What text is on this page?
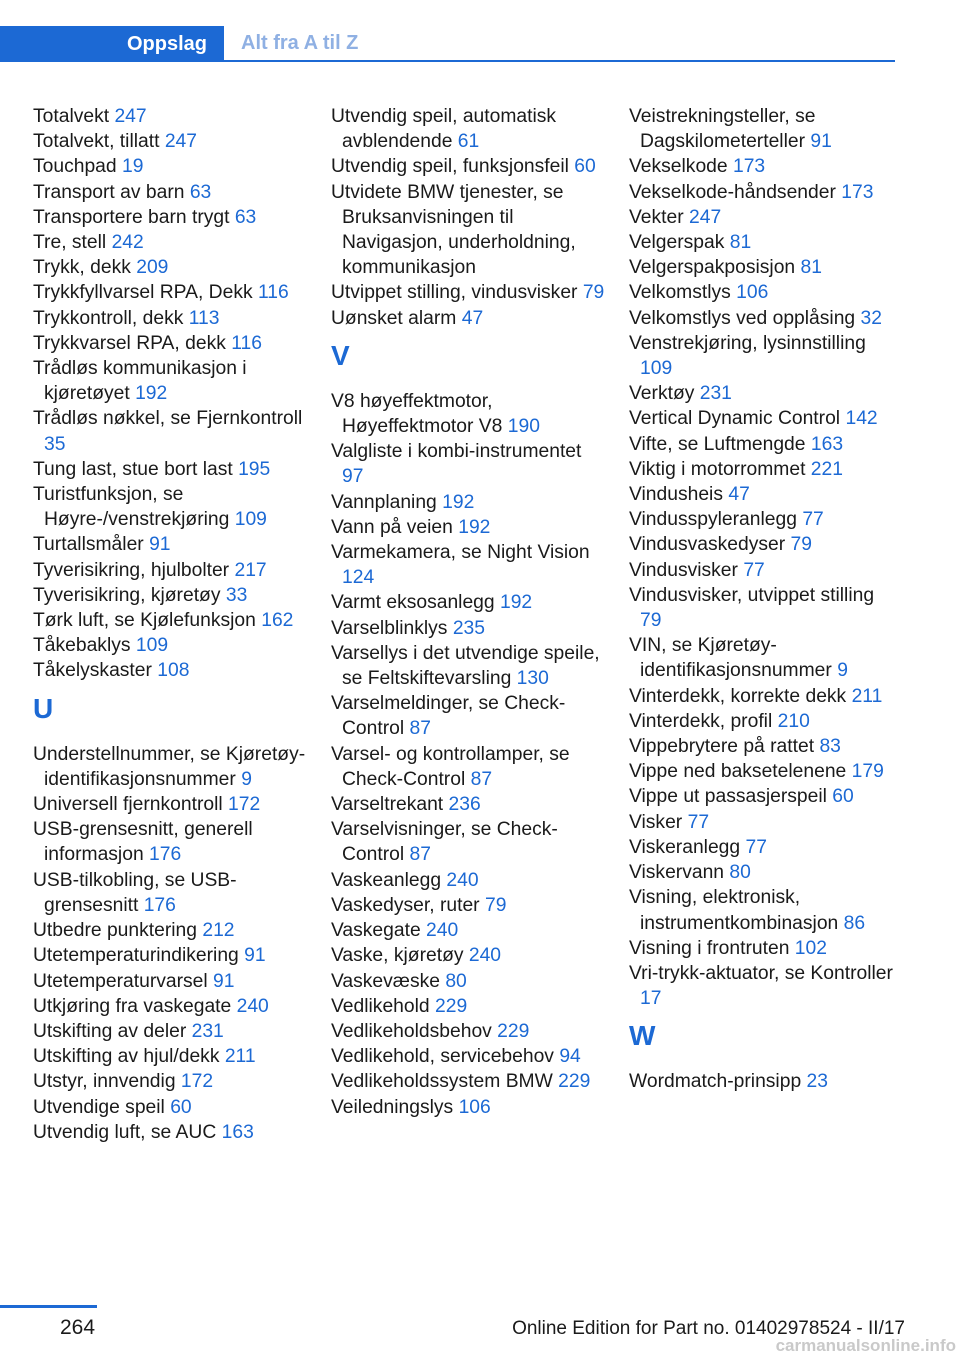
Oppslag	Alt fra A til Z
Totalvekt 247
Totalvekt, tillatt 247
Touchpad 19
Transport av barn 63
Transportere barn trygt 63
Tre, stell 242
Trykk, dekk 209
Trykkfyllvarsel RPA, Dekk 116
Trykkontroll, dekk 113
Trykkvarsel RPA, dekk 116
Trådløs kommunikasjon i kjøretøyet 192
Trådløs nøkkel, se Fjernkontroll 35
Tung last, stue bort last 195
Turistfunksjon, se Høyre-/venstrekjøring 109
Turtallsmåler 91
Tyverisikring, hjulbolter 217
Tyverisikring, kjøretøy 33
Tørk luft, se Kjølefunksjon 162
Tåkebaklys 109
Tåkelyskaster 108
U
Understellnummer, se Kjøretøy-identifikasjonsnummer 9
Universell fjernkontroll 172
USB-grensesnitt, generell informasjon 176
USB-tilkobling, se USB-grensesnitt 176
Utbedre punktering 212
Utetemperaturindikering 91
Utetemperaturvarsel 91
Utkjøring fra vaskegate 240
Utskifting av deler 231
Utskifting av hjul/dekk 211
Utstyr, innvendig 172
Utvendige speil 60
Utvendig luft, se AUC 163
Utvendig speil, automatisk avblendende 61
Utvendig speil, funksjonsfeil 60
Utvidete BMW tjenester, se Bruksanvisningen til Navigasjon, underholdning, kommunikasjon
Utvippet stilling, vindusvisker 79
Uønsket alarm 47
V
V8 høyeffektmotor, Høyeffektmotor V8 190
Valgliste i kombi-instrumentet 97
Vannplaning 192
Vann på veien 192
Varmekamera, se Night Vision 124
Varmt eksosanlegg 192
Varselblinklys 235
Varsellys i det utvendige speile, se Feltskiftevarsling 130
Varselmeldinger, se Check-Control 87
Varsel- og kontrollamper, se Check-Control 87
Varseltrekant 236
Varselvisninger, se Check-Control 87
Vaskeanlegg 240
Vaskedyser, ruter 79
Vaskegate 240
Vaske, kjøretøy 240
Vaskevæske 80
Vedlikehold 229
Vedlikeholdsbehov 229
Vedlikehold, servicebehov 94
Vedlikeholdssystem BMW 229
Veiledningslys 106
Veistrekningsteller, se Dagskilometerteller 91
Vekselkode 173
Vekselkode-håndsender 173
Vekter 247
Velgerspak 81
Velgerspakposisjon 81
Velkomstlys 106
Velkomstlys ved opplåsing 32
Venstrekjøring, lysinnstilling 109
Verktøy 231
Vertical Dynamic Control 142
Vifte, se Luftmengde 163
Viktig i motorrommet 221
Vindusheis 47
Vindusspyleranlegg 77
Vindusvaskedyser 79
Vindusvisker 77
Vindusvisker, utvippet stilling 79
VIN, se Kjøretøy-identifikasjonsnummer 9
Vinterdekk, korrekte dekk 211
Vinterdekk, profil 210
Vippebrytere på rattet 83
Vippe ned baksetelenene 179
Vippe ut passasjerspeil 60
Visker 77
Viskeranlegg 77
Viskervann 80
Visning, elektronisk, instrumentkombinasjon 86
Visning i frontruten 102
Vri-trykk-aktuator, se Kontroller 17
W
Wordmatch-prinsipp 23
264	Online Edition for Part no. 01402978524 - II/17
carmanualsonline.info
